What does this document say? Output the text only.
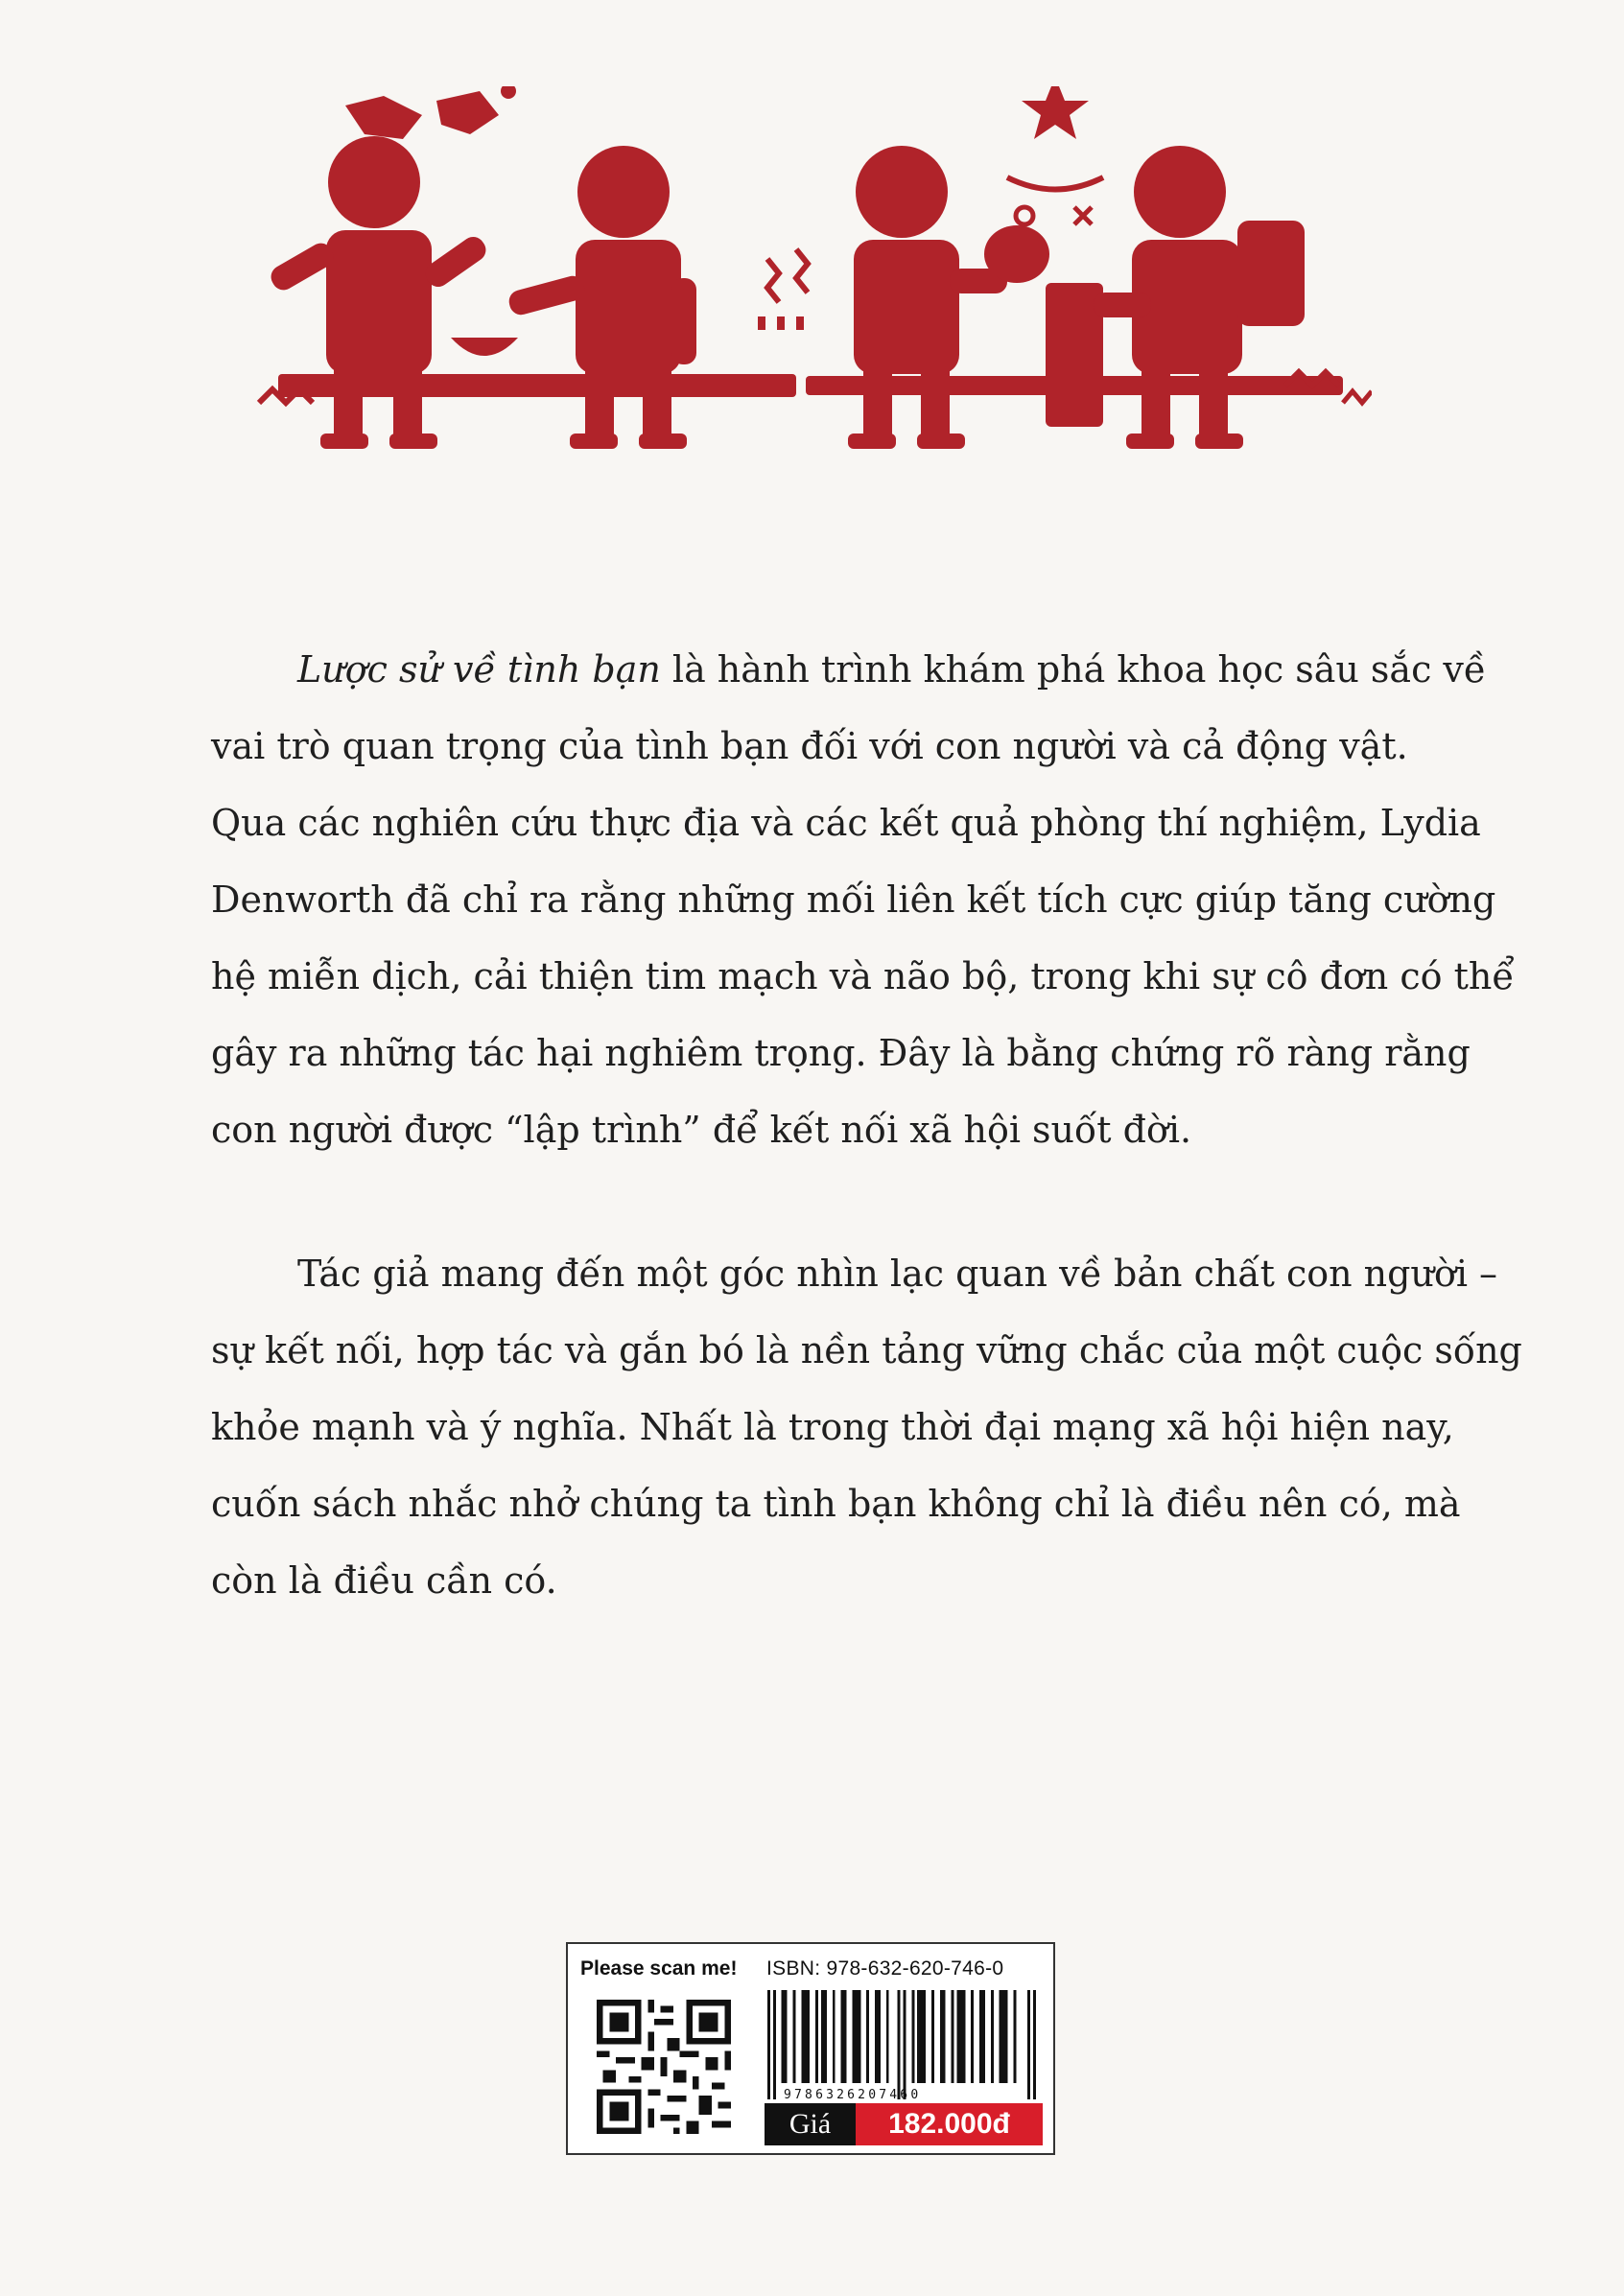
Lược sử về tình bạn là hành trình khám phá khoa học sâu sắc về
vai trò quan trọng của tình bạn đối với con người và cả động vật.
Qua các nghiên cứu thực địa và các kết quả phòng thí nghiệm, Lydia
Denworth đã chỉ ra rằng những mối liên kết tích cực giúp tăng cường
hệ miễn dịch, cải thiện tim mạch và não bộ, trong khi sự cô đơn có thể
gây ra những tác hại nghiêm trọng. Đây là bằng chứng rõ ràng rằng
con người được “lập trình” để kết nối xã hội suốt đời.
Tác giả mang đến một góc nhìn lạc quan về bản chất con người –
sự kết nối, hợp tác và gắn bó là nền tảng vững chắc của một cuộc sống
khỏe mạnh và ý nghĩa. Nhất là trong thời đại mạng xã hội hiện nay,
cuốn sách nhắc nhở chúng ta tình bạn không chỉ là điều nên có, mà
còn là điều cần có.
Please scan me! ISBN: 978-632-620-746-0
9786326207460
Giá	182.000đ
